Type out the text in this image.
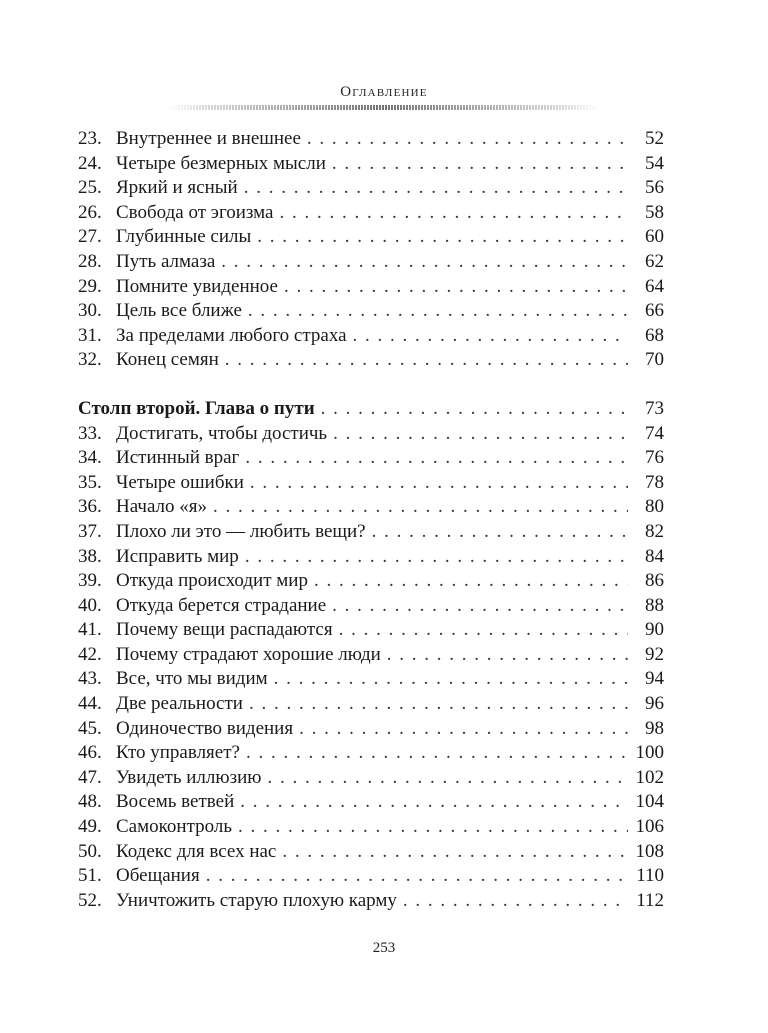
Оглавление
23. Внутреннее и внешнее . . .	52
24. Четыре безмерных мысли . . .	54
25. Яркий и ясный . . .	56
26. Свобода от эгоизма . . .	58
27. Глубинные силы . . .	60
28. Путь алмаза . . .	62
29. Помните увиденное . . .	64
30. Цель все ближе . . .	66
31. За пределами любого страха . . .	68
32. Конец семян . . .	70
Столп второй. Глава о пути . . .	73
33. Достигать, чтобы достичь . . .	74
34. Истинный враг . . .	76
35. Четыре ошибки . . .	78
36. Начало «я» . . .	80
37. Плохо ли это — любить вещи? . . .	82
38. Исправить мир . . .	84
39. Откуда происходит мир . . .	86
40. Откуда берется страдание . . .	88
41. Почему вещи распадаются . . .	90
42. Почему страдают хорошие люди . . .	92
43. Все, что мы видим . . .	94
44. Две реальности . . .	96
45. Одиночество видения . . .	98
46. Кто управляет? . . .	100
47. Увидеть иллюзию . . .	102
48. Восемь ветвей . . .	104
49. Самоконтроль . . .	106
50. Кодекс для всех нас . . .	108
51. Обещания . . .	110
52. Уничтожить старую плохую карму . . .	112
253
